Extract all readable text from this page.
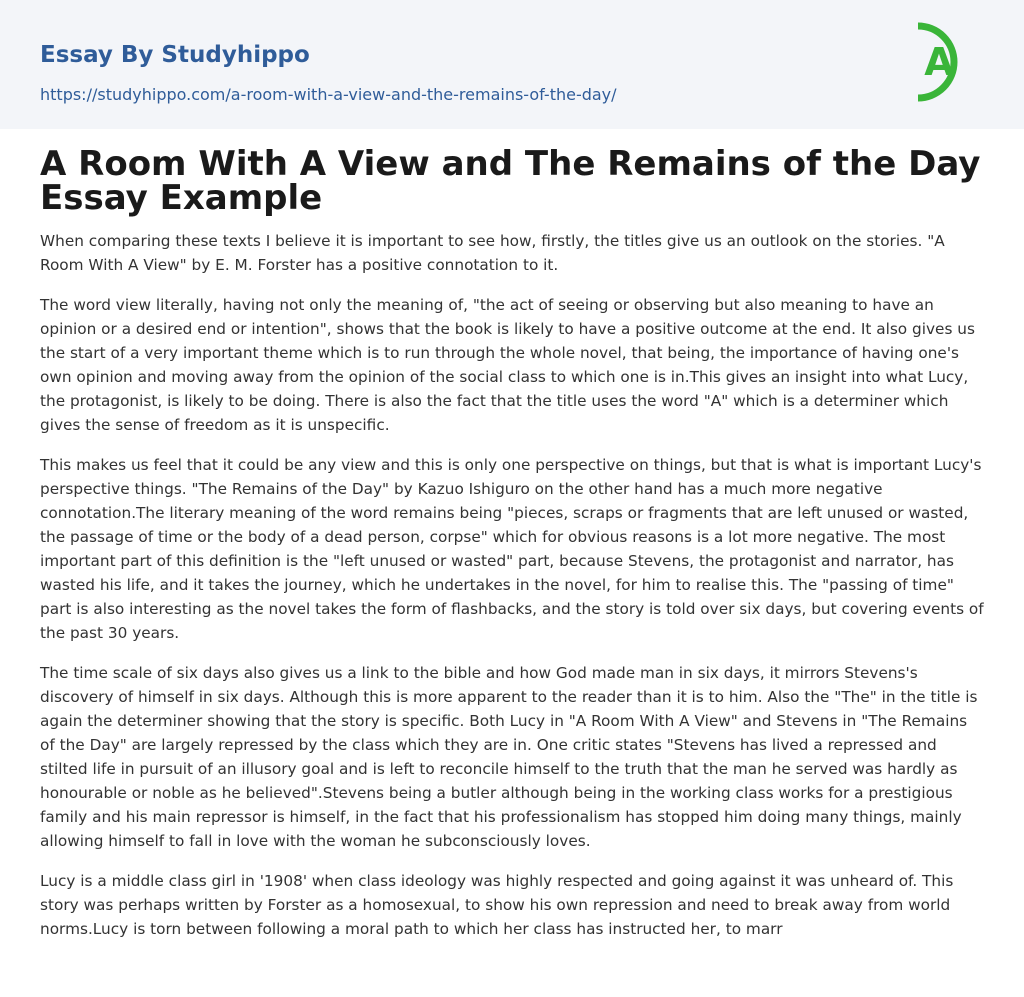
Essay By Studyhippo
https://studyhippo.com/a-room-with-a-view-and-the-remains-of-the-day/
A
A Room With A View and The Remains of the Day Essay Example

When comparing these texts I believe it is important to see how, firstly, the titles give us an outlook on the stories. "A Room With A View" by E. M. Forster has a positive connotation to it.

The word view literally, having not only the meaning of, "the act of seeing or observing but also meaning to have an opinion or a desired end or intention", shows that the book is likely to have a positive outcome at the end. It also gives us the start of a very important theme which is to run through the whole novel, that being, the importance of having one's own opinion and moving away from the opinion of the social class to which one is in.This gives an insight into what Lucy, the protagonist, is likely to be doing. There is also the fact that the title uses the word "A" which is a determiner which gives the sense of freedom as it is unspecific.

This makes us feel that it could be any view and this is only one perspective on things, but that is what is important Lucy's perspective things. "The Remains of the Day" by Kazuo Ishiguro on the other hand has a much more negative connotation.The literary meaning of the word remains being "pieces, scraps or fragments that are left unused or wasted, the passage of time or the body of a dead person, corpse" which for obvious reasons is a lot more negative. The most important part of this definition is the "left unused or wasted" part, because Stevens, the protagonist and narrator, has wasted his life, and it takes the journey, which he undertakes in the novel, for him to realise this. The "passing of time" part is also interesting as the novel takes the form of flashbacks, and the story is told over six days, but covering events of the past 30 years.

The time scale of six days also gives us a link to the bible and how God made man in six days, it mirrors Stevens's discovery of himself in six days. Although this is more apparent to the reader than it is to him. Also the "The" in the title is again the determiner showing that the story is specific. Both Lucy in "A Room With A View" and Stevens in "The Remains of the Day" are largely repressed by the class which they are in. One critic states "Stevens has lived a repressed and stilted life in pursuit of an illusory goal and is left to reconcile himself to the truth that the man he served was hardly as honourable or noble as he believed".Stevens being a butler although being in the working class works for a prestigious family and his main repressor is himself, in the fact that his professionalism has stopped him doing many things, mainly allowing himself to fall in love with the woman he subconsciously loves.

Lucy is a middle class girl in '1908' when class ideology was highly respected and going against it was unheard of. This story was perhaps written by Forster as a homosexual, to show his own repression and need to break away from world norms.Lucy is torn between following a moral path to which her class has instructed her, to marr
